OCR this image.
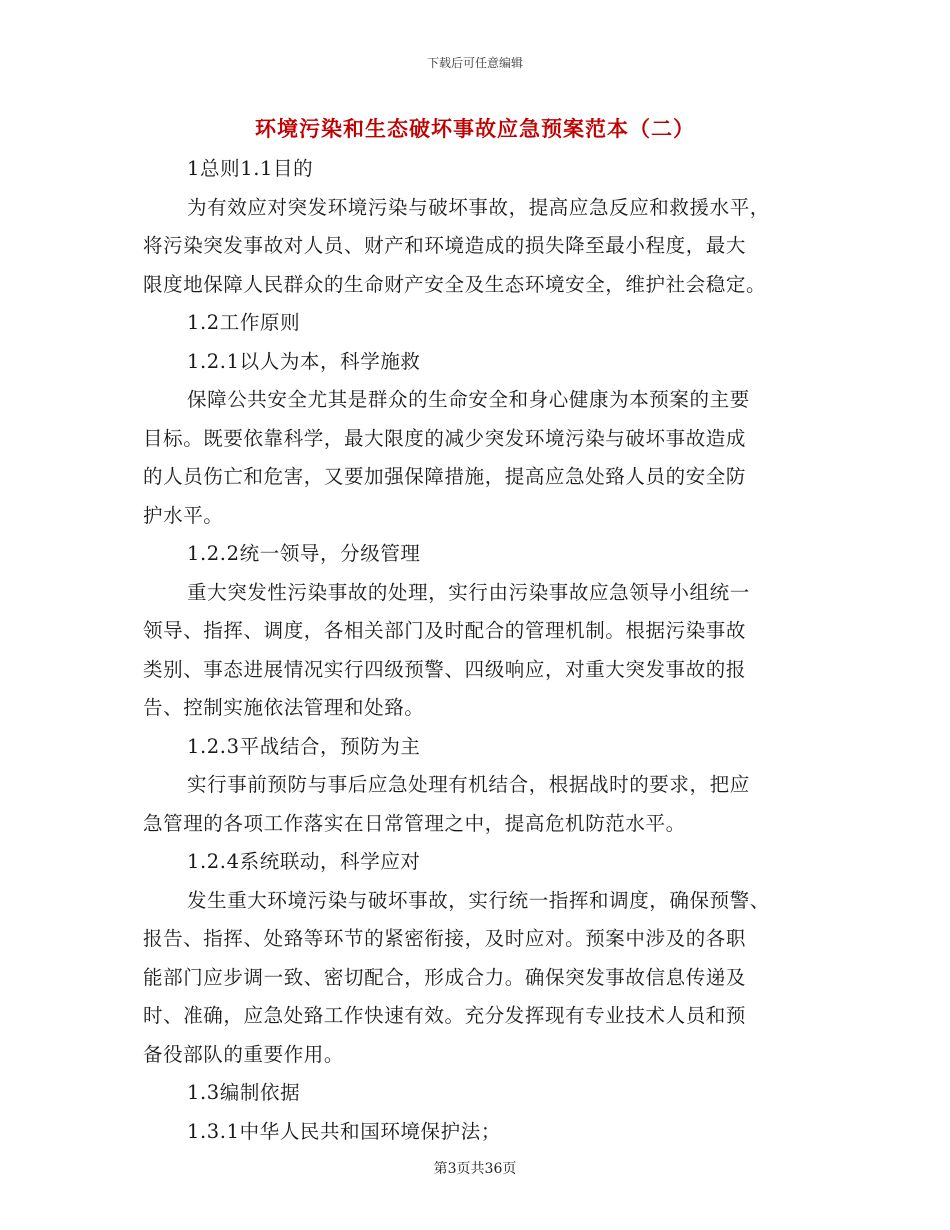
下载后可任意编辑
环境污染和生态破坏事故应急预案范本（二）
1总则1.1目的
为有效应对突发环境污染与破坏事故，提高应急反应和救援水平，
将污染突发事故对人员、财产和环境造成的损失降至最小程度，最大
限度地保障人民群众的生命财产安全及生态环境安全，维护社会稳定。
1.2工作原则
1.2.1以人为本，科学施救
保障公共安全尤其是群众的生命安全和身心健康为本预案的主要
目标。既要依靠科学，最大限度的减少突发环境污染与破坏事故造成
的人员伤亡和危害，又要加强保障措施，提高应急处臵人员的安全防
护水平。
1.2.2统一领导，分级管理
重大突发性污染事故的处理，实行由污染事故应急领导小组统一
领导、指挥、调度，各相关部门及时配合的管理机制。根据污染事故
类别、事态进展情况实行四级预警、四级响应，对重大突发事故的报
告、控制实施依法管理和处臵。
1.2.3平战结合，预防为主
实行事前预防与事后应急处理有机结合，根据战时的要求，把应
急管理的各项工作落实在日常管理之中，提高危机防范水平。
1.2.4系统联动，科学应对
发生重大环境污染与破坏事故，实行统一指挥和调度，确保预警、
报告、指挥、处臵等环节的紧密衔接，及时应对。预案中涉及的各职
能部门应步调一致、密切配合，形成合力。确保突发事故信息传递及
时、准确，应急处臵工作快速有效。充分发挥现有专业技术人员和预
备役部队的重要作用。
1.3编制依据
1.3.1中华人民共和国环境保护法；
第3页共36页
